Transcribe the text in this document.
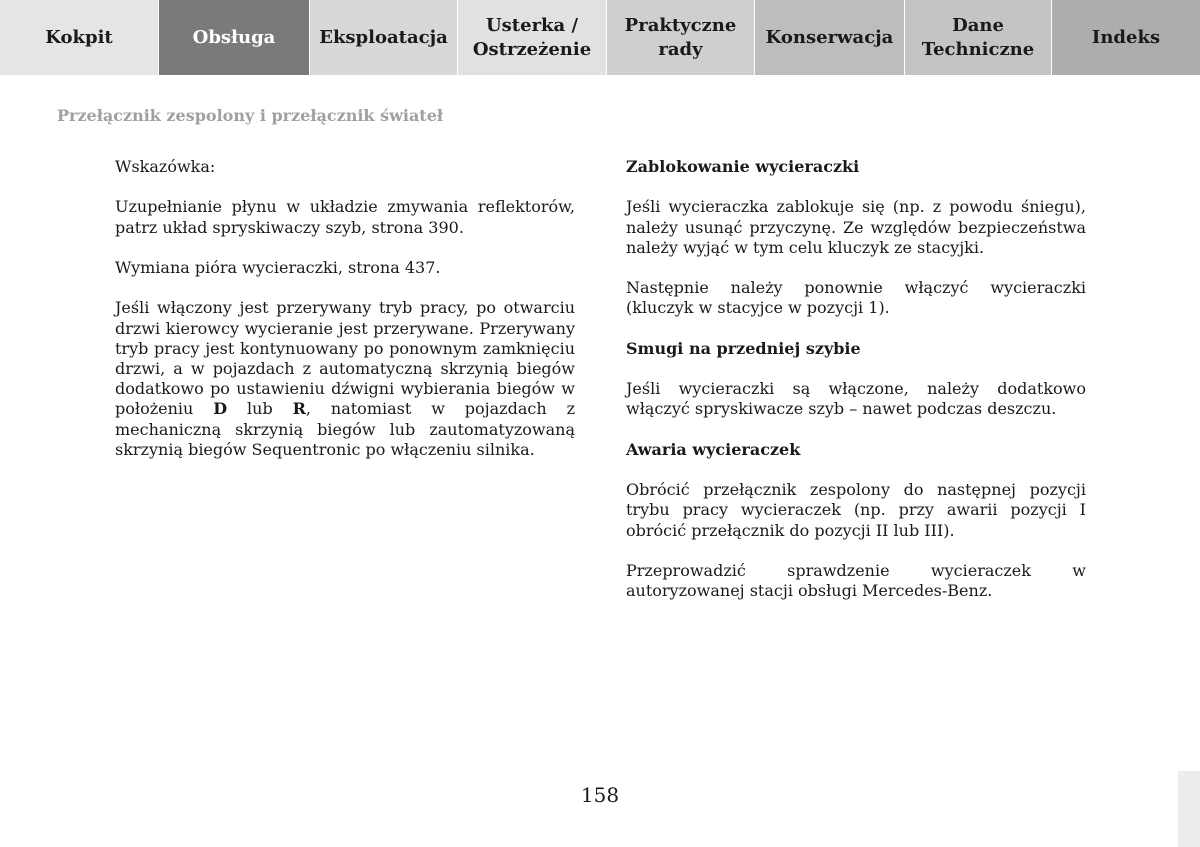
Kokpit	Obsługa	Eksploatacja
Usterka /
Ostrzeżenie
Praktyczne
rady
Konserwacja
Dane
Techniczne
Indeks
Przełącznik zespolony i przełącznik świateł

Wskazówka:

Uzupełnianie płynu w układzie zmywania reflektorów, patrz układ spryskiwaczy szyb, strona 390.

Wymiana pióra wycieraczki, strona 437.

Jeśli włączony jest przerywany tryb pracy, po otwarciu drzwi kierowcy wycieranie jest przerywane. Przerywany tryb pracy jest kontynuowany po ponownym zamknięciu drzwi, a w pojazdach z automatyczną skrzynią biegów dodatkowo po ustawieniu dźwigni wybierania biegów w położeniu D lub R, natomiast w pojazdach z mechaniczną skrzynią biegów lub zautomatyzowaną skrzynią biegów Sequentronic po włączeniu silnika.

Zablokowanie wycieraczki

Jeśli wycieraczka zablokuje się (np. z powodu śniegu), należy usunąć przyczynę. Ze względów bezpieczeństwa należy wyjąć w tym celu kluczyk ze stacyjki.

Następnie należy ponownie włączyć wycieraczki (kluczyk w stacyjce w pozycji 1).

Smugi na przedniej szybie

Jeśli wycieraczki są włączone, należy dodatkowo włączyć spryskiwacze szyb – nawet podczas deszczu.

Awaria wycieraczek

Obrócić przełącznik zespolony do następnej pozycji trybu pracy wycieraczek (np. przy awarii pozycji I obrócić przełącznik do pozycji II lub III).

Przeprowadzić sprawdzenie wycieraczek w autoryzowanej stacji obsługi Mercedes-Benz.

158
